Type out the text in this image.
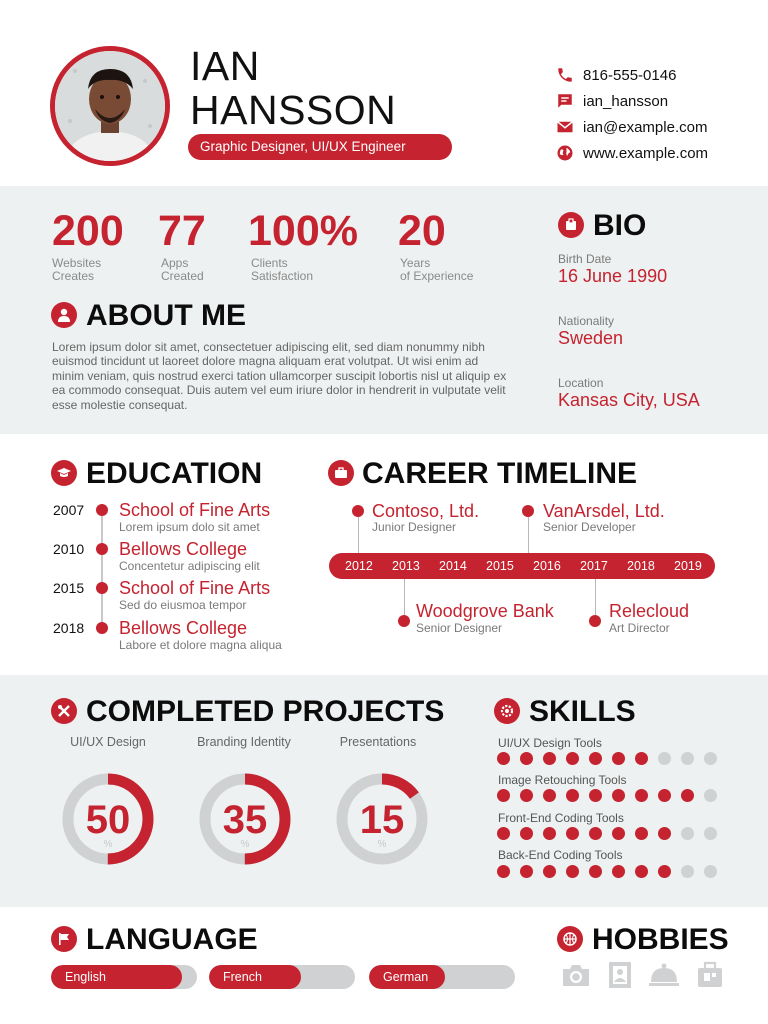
IAN
HANSSON
Graphic Designer, UI/UX Engineer
816-555-0146
ian_hansson
ian@example.com
www.example.com
200
Websites
Creates
77
Apps
Created
100%
Clients
Satisfaction
20
Years
of Experience
ABOUT ME
Lorem ipsum dolor sit amet, consectetuer adipiscing elit, sed diam nonummy nibh euismod tincidunt ut laoreet dolore magna aliquam erat volutpat. Ut wisi enim ad minim veniam, quis nostrud exerci tation ullamcorper suscipit lobortis nisl ut aliquip ex ea commodo consequat. Duis autem vel eum iriure dolor in hendrerit in vulputate velit esse molestie consequat.
BIO
Birth Date
16 June 1990
Nationality
Sweden
Location
Kansas City, USA
EDUCATION
2007 School of Fine Arts
Lorem ipsum dolo sit amet
2010 Bellows College
Concentetur adipiscing elit
2015 School of Fine Arts
Sed do eiusmoa tempor
2018 Bellows College
Labore et dolore magna aliqua
CAREER TIMELINE
2012 2013 2014 2015 2016 2017 2018 2019
Contoso, Ltd.
Junior Designer
VanArsdel, Ltd.
Senior Developer
Woodgrove Bank
Senior Designer
Relecloud
Art Director
COMPLETED PROJECTS
UI/UX Design	Branding Identity	Presentations
50
%
35
%
15
%
SKILLS
UI/UX Design Tools
Image Retouching Tools
Front-End Coding Tools
Back-End Coding Tools
LANGUAGE
English	French	German
HOBBIES
